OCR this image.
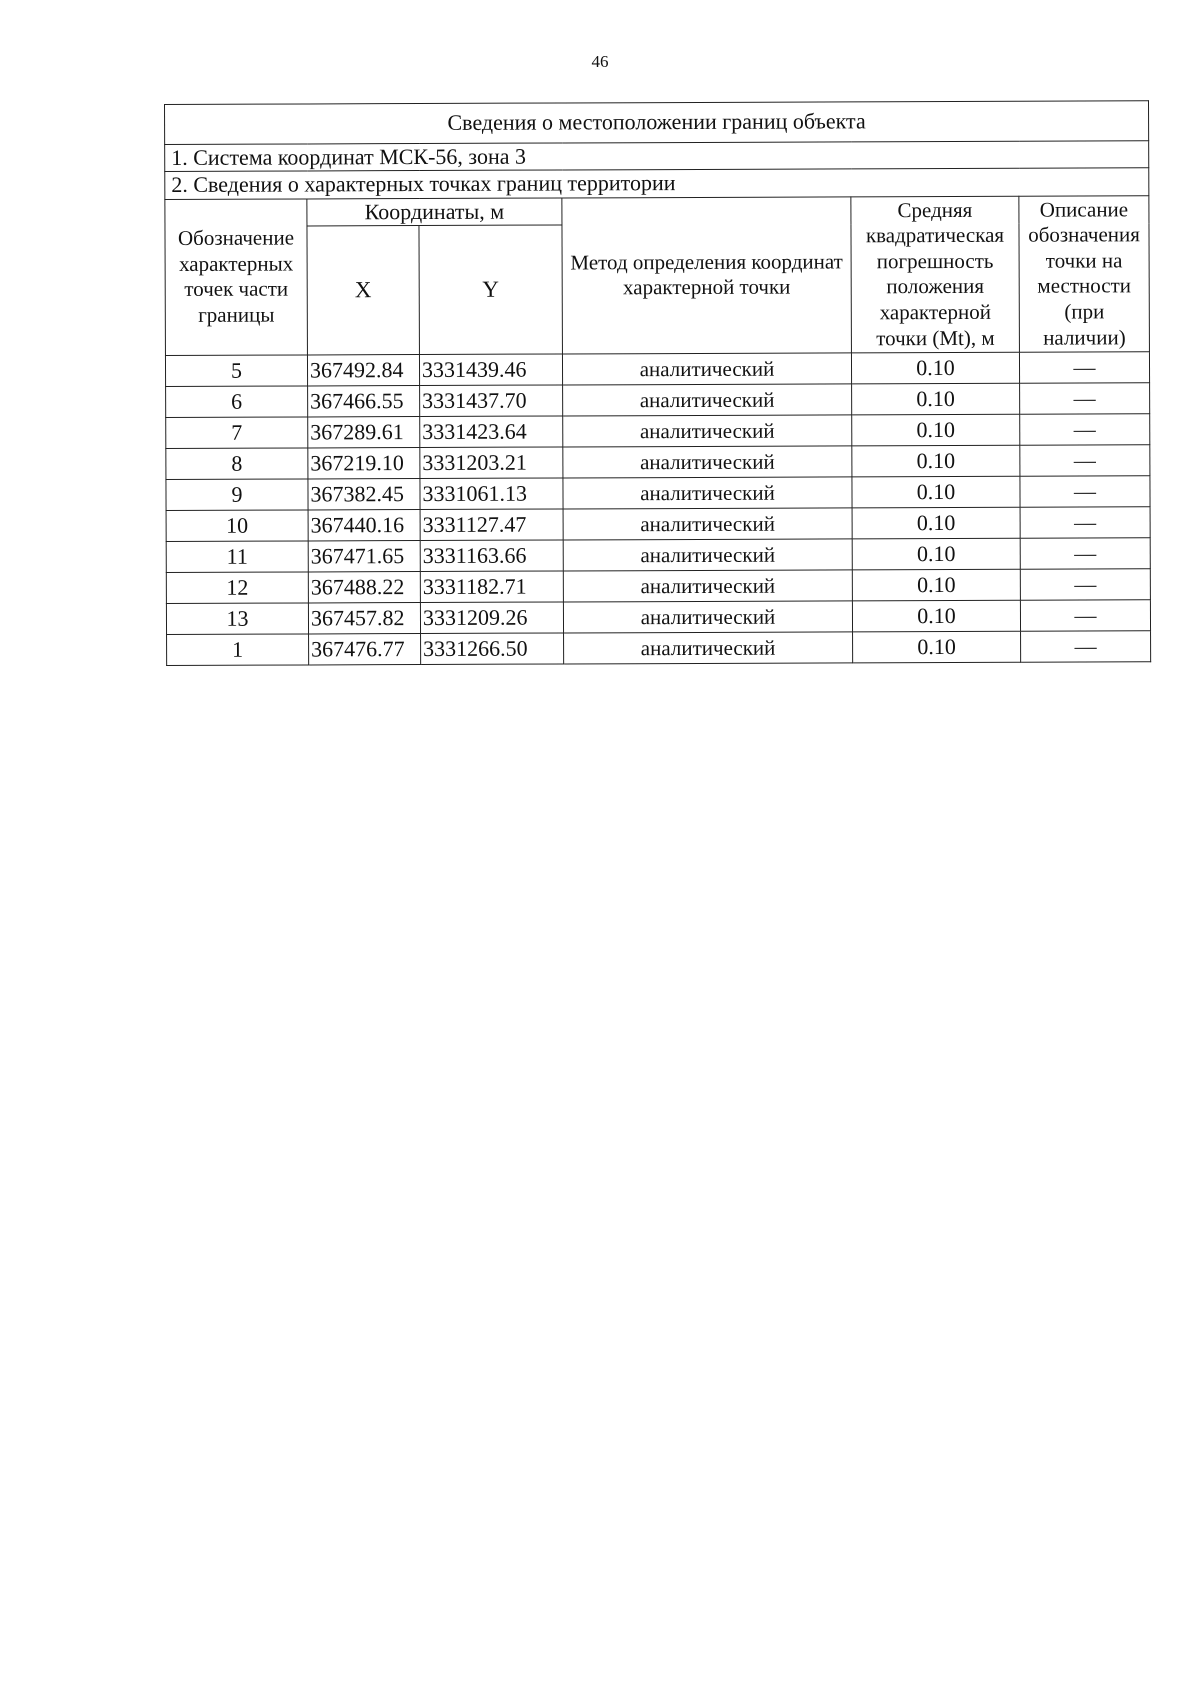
46
Сведения о местоположении границ объекта					
1. Система координат МСК-56, зона 3					
2. Сведения о характерных точках границ территории					
Обозначение характерных точек части границы	Координаты, м		Метод определения координат характерной точки	Средняя квадратическая погрешность положения характерной точки (Mt), м	Описание обозначения точки на местности (при наличии)
	X	Y			
5	367492.84	3331439.46	аналитический	0.10	—
6	367466.55	3331437.70	аналитический	0.10	—
7	367289.61	3331423.64	аналитический	0.10	—
8	367219.10	3331203.21	аналитический	0.10	—
9	367382.45	3331061.13	аналитический	0.10	—
10	367440.16	3331127.47	аналитический	0.10	—
11	367471.65	3331163.66	аналитический	0.10	—
12	367488.22	3331182.71	аналитический	0.10	—
13	367457.82	3331209.26	аналитический	0.10	—
1	367476.77	3331266.50	аналитический	0.10	—
